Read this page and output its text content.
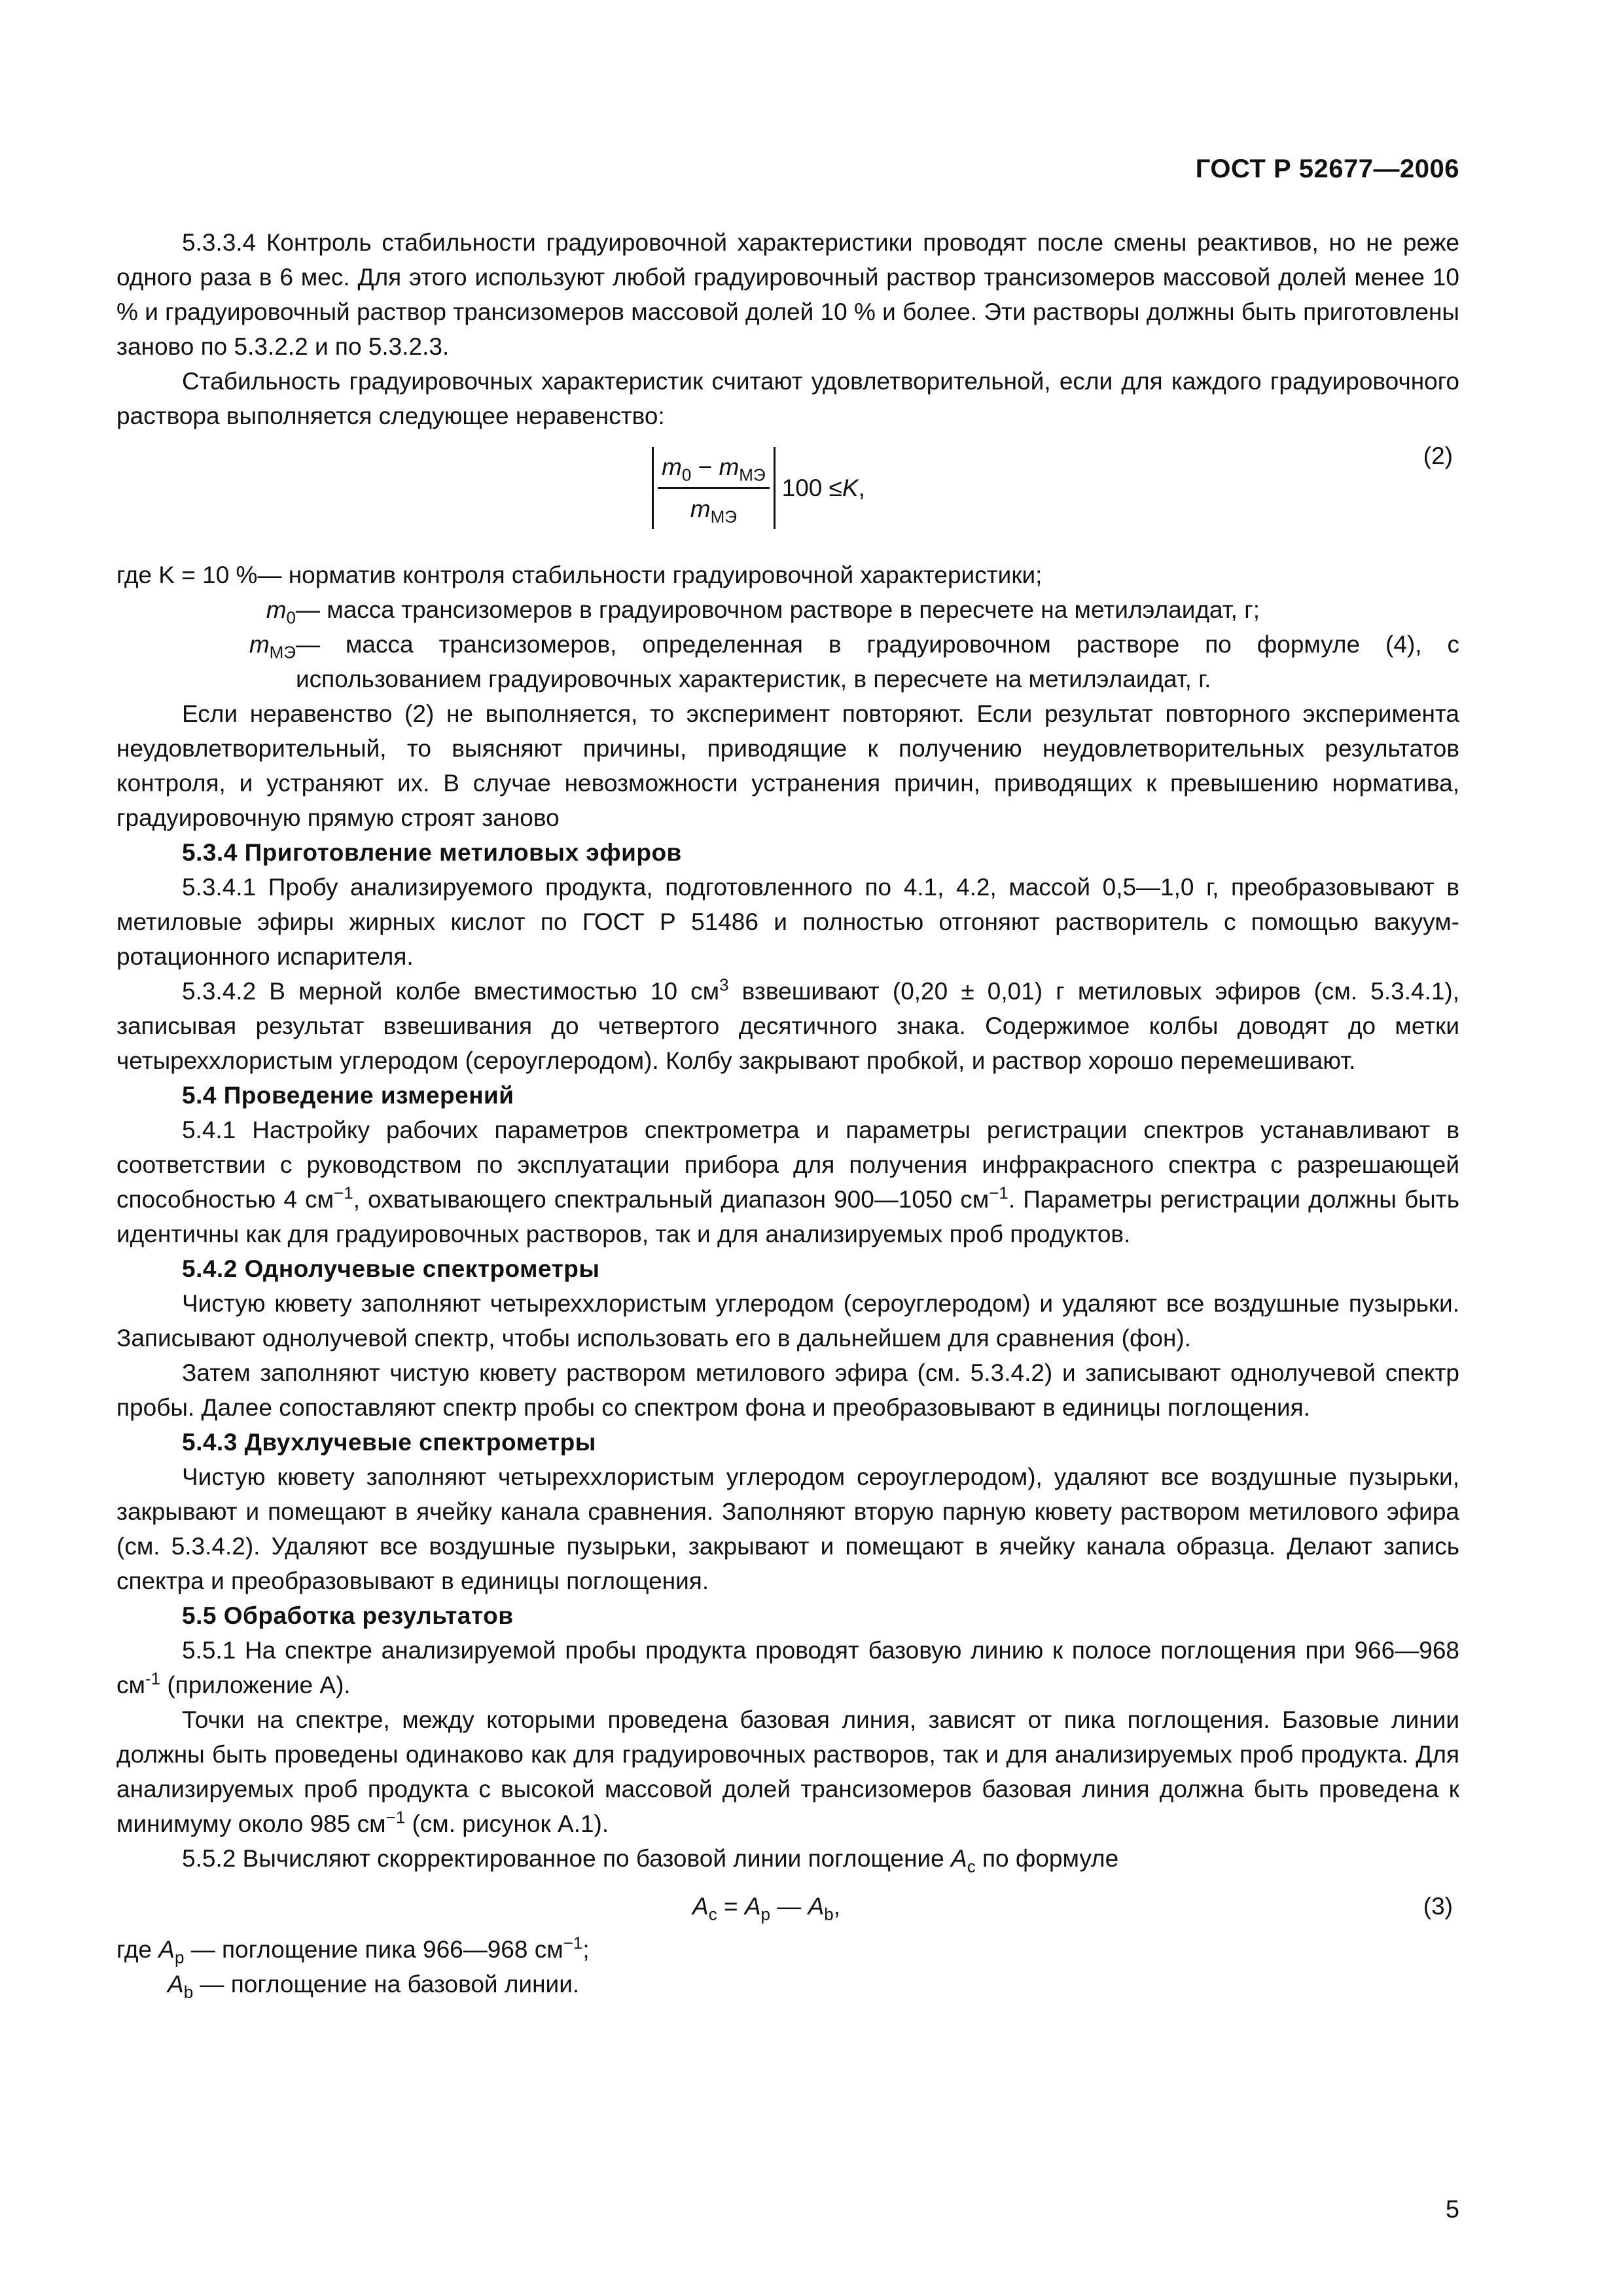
ГОСТ Р 52677—2006

5.3.3.4 Контроль стабильности градуировочной характеристики проводят после смены реактивов, но не реже одного раза в 6 мес. Для этого используют любой градуировочный раствор трансизомеров массовой долей менее 10 % и градуировочный раствор трансизомеров массовой долей 10 % и более. Эти растворы должны быть приготовлены заново по 5.3.2.2 и по 5.3.2.3.

Стабильность градуировочных характеристик считают удовлетворительной, если для каждого градуировочного раствора выполняется следующее неравенство:

$\frac{m_0 - m_{МЭ}}{m_{МЭ}} 100 \le K$ ,
(2)
где K = 10 % — норматив контроля стабильности градуировочной характеристики;
$m_0$ — масса трансизомеров в градуировочном растворе в пересчете на метилэлаидат, г;
$m_{МЭ}$ — масса трансизомеров, определенная в градуировочном растворе по формуле (4), с использованием градуировочных характеристик, в пересчете на метилэлаидат, г.

Если неравенство (2) не выполняется, то эксперимент повторяют. Если результат повторного эксперимента неудовлетворительный, то выясняют причины, приводящие к получению неудовлетворительных результатов контроля, и устраняют их. В случае невозможности устранения причин, приводящих к превышению норматива, градуировочную прямую строят заново

5.3.4 Приготовление метиловых эфиров

5.3.4.1 Пробу анализируемого продукта, подготовленного по 4.1, 4.2, массой 0,5—1,0 г, преобразовывают в метиловые эфиры жирных кислот по ГОСТ Р 51486 и полностью отгоняют растворитель с помощью вакуум-ротационного испарителя.

5.3.4.2 В мерной колбе вместимостью 10 $см^3$ взвешивают (0,20 ± 0,01) г метиловых эфиров (см. 5.3.4.1), записывая результат взвешивания до четвертого десятичного знака. Содержимое колбы доводят до метки четыреххлористым углеродом (сероуглеродом). Колбу закрывают пробкой, и раствор хорошо перемешивают.

5.4 Проведение измерений

5.4.1 Настройку рабочих параметров спектрометра и параметры регистрации спектров устанавливают в соответствии с руководством по эксплуатации прибора для получения инфракрасного спектра с разрешающей способностью 4 $см^{-1}$, охватывающего спектральный диапазон 900—1050 $см^{-1}$. Параметры регистрации должны быть идентичны как для градуировочных растворов, так и для анализируемых проб продуктов.

5.4.2 Однолучевые спектрометры

Чистую кювету заполняют четыреххлористым углеродом (сероуглеродом) и удаляют все воздушные пузырьки. Записывают однолучевой спектр, чтобы использовать его в дальнейшем для сравнения (фон).

Затем заполняют чистую кювету раствором метилового эфира (см. 5.3.4.2) и записывают однолучевой спектр пробы. Далее сопоставляют спектр пробы со спектром фона и преобразовывают в единицы поглощения.

5.4.3 Двухлучевые спектрометры

Чистую кювету заполняют четыреххлористым углеродом сероуглеродом), удаляют все воздушные пузырьки, закрывают и помещают в ячейку канала сравнения. Заполняют вторую парную кювету раствором метилового эфира (см. 5.3.4.2). Удаляют все воздушные пузырьки, закрывают и помещают в ячейку канала образца. Делают запись спектра и преобразовывают в единицы поглощения.

5.5 Обработка результатов

5.5.1 На спектре анализируемой пробы продукта проводят базовую линию к полосе поглощения при 966—968 $см^{-1}$ (приложение А).

Точки на спектре, между которыми проведена базовая линия, зависят от пика поглощения. Базовые линии должны быть проведены одинаково как для градуировочных растворов, так и для анализируемых проб продукта. Для анализируемых проб продукта с высокой массовой долей трансизомеров базовая линия должна быть проведена к минимуму около 985 $см^{-1}$ (см. рисунок А.1).

5.5.2 Вычисляют скорректированное по базовой линии поглощение $A_c$ по формуле

$A_c = A_p$ — $A_b$,	(3)
где $A_p$ — поглощение пика 966—968 $см^{-1}$;
$A_b$ — поглощение на базовой линии.
5
